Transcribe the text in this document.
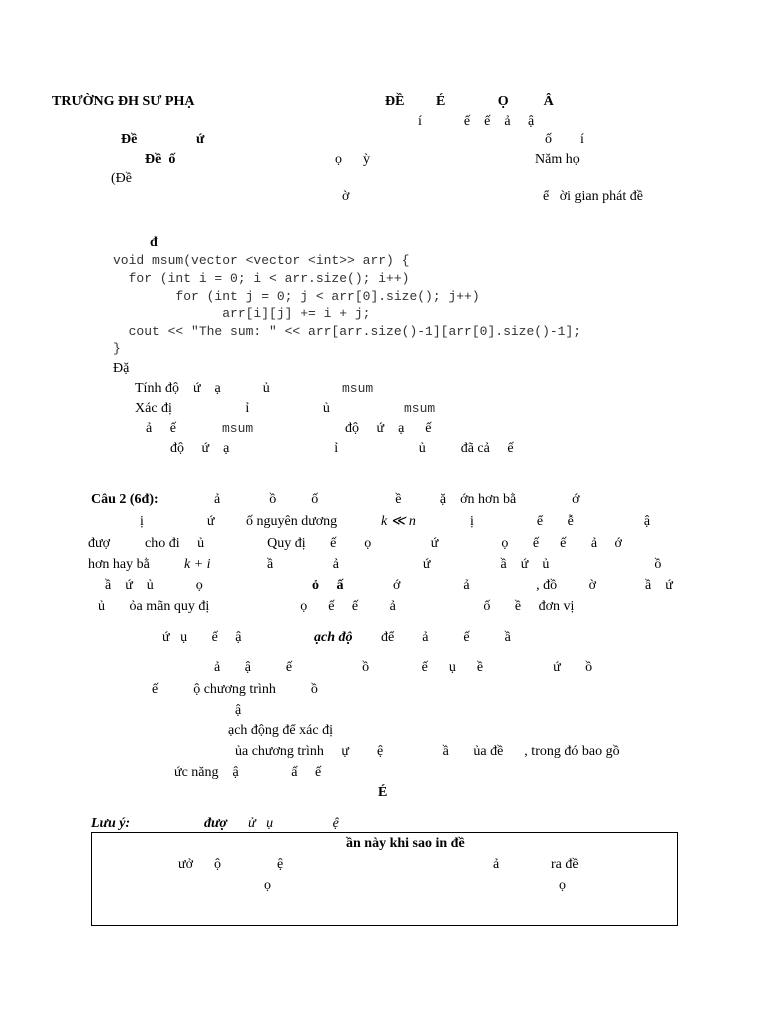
TRƯỜNG ĐH SƯ PHẠ	ĐỀ         É               Ọ          Â
í            ế    ế    ả     ậ
Đề	ứ	ố        í
Đề  ố	ọ      ỳ	Năm họ
(Đề
ờ	ể   ời gian phát đề
đ
void msum(vector <vector <int>> arr) {
for (int i = 0; i < arr.size(); i++)
for (int j = 0; j < arr[0].size(); j++)
arr[i][j] += i + j;
cout << "The sum: " << arr[arr.size()-1][arr[0].size()-1];
}
Đặ
Tính độ    ứ    ạ            ủ	msum
Xác đị                     ỉ                     ủ	msum
ả     ế	msum	độ     ứ    ạ      ế
độ     ứ    ạ                              ỉ                       ủ          đã cả     ế
Câu 2 (6đ):	ả              ồ          ố                      ề           ặ    ớn hơn bằ                ớ
ị                  ứ         ố nguyên dương	k ≪ n	ị                  ể       ễ                    ậ
đượ          cho đi     ủ                  Quy đị       ế        ọ                 ứ                  ọ       ế      ế       ả     ớ
hơn hay bằ k + i	ầ                 ả                        ứ                    ầ    ứ    ủ                              ồ
ầ    ứ    ủ            ọ	ỏ     ấ	ớ                  ả                   , đồ         ờ              ầ    ứ
ủ       ỏa mãn quy đị                          ọ      ế     ế         ả                         ố       ề     đơn vị
ứ   ụ       ế     ậ	ạch độ để        ả          ế          ầ
ả       ậ          ế                    ồ               ế      ụ      ề                    ứ       ồ
ế          ộ chương trình          ồ
ậ
ạch động để xác đị
ủa chương trình     ự        ệ                 ầ       ủa đề      , trong đó bao gồ
ức năng    ậ               ấ     ế
É
Lưu ý:	đượ ử   ụ                 ệ
ần này khi sao in đề
ưở      ộ                ệ	ả	ra đề
ọ	ọ
